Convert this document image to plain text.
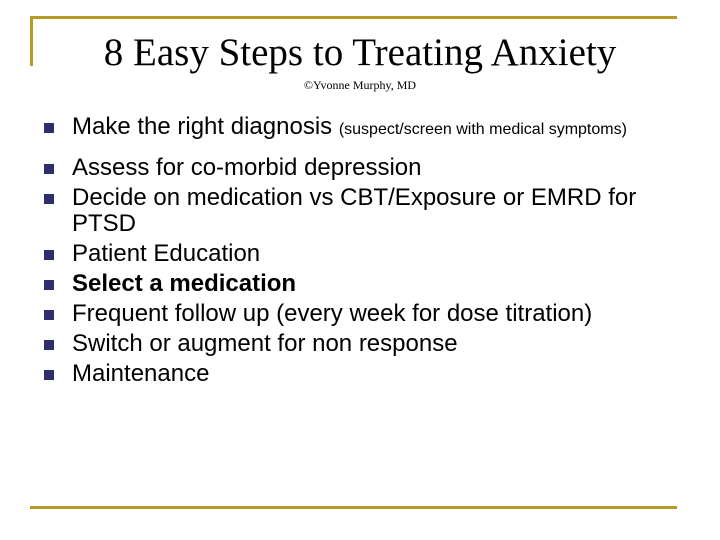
8 Easy Steps to Treating Anxiety
©Yvonne Murphy, MD
Make the right diagnosis (suspect/screen with medical symptoms)
Assess for co-morbid depression
Decide on medication vs CBT/Exposure or EMRD for PTSD
Patient Education
Select a medication
Frequent follow up (every week for dose titration)
Switch or augment for non response
Maintenance
